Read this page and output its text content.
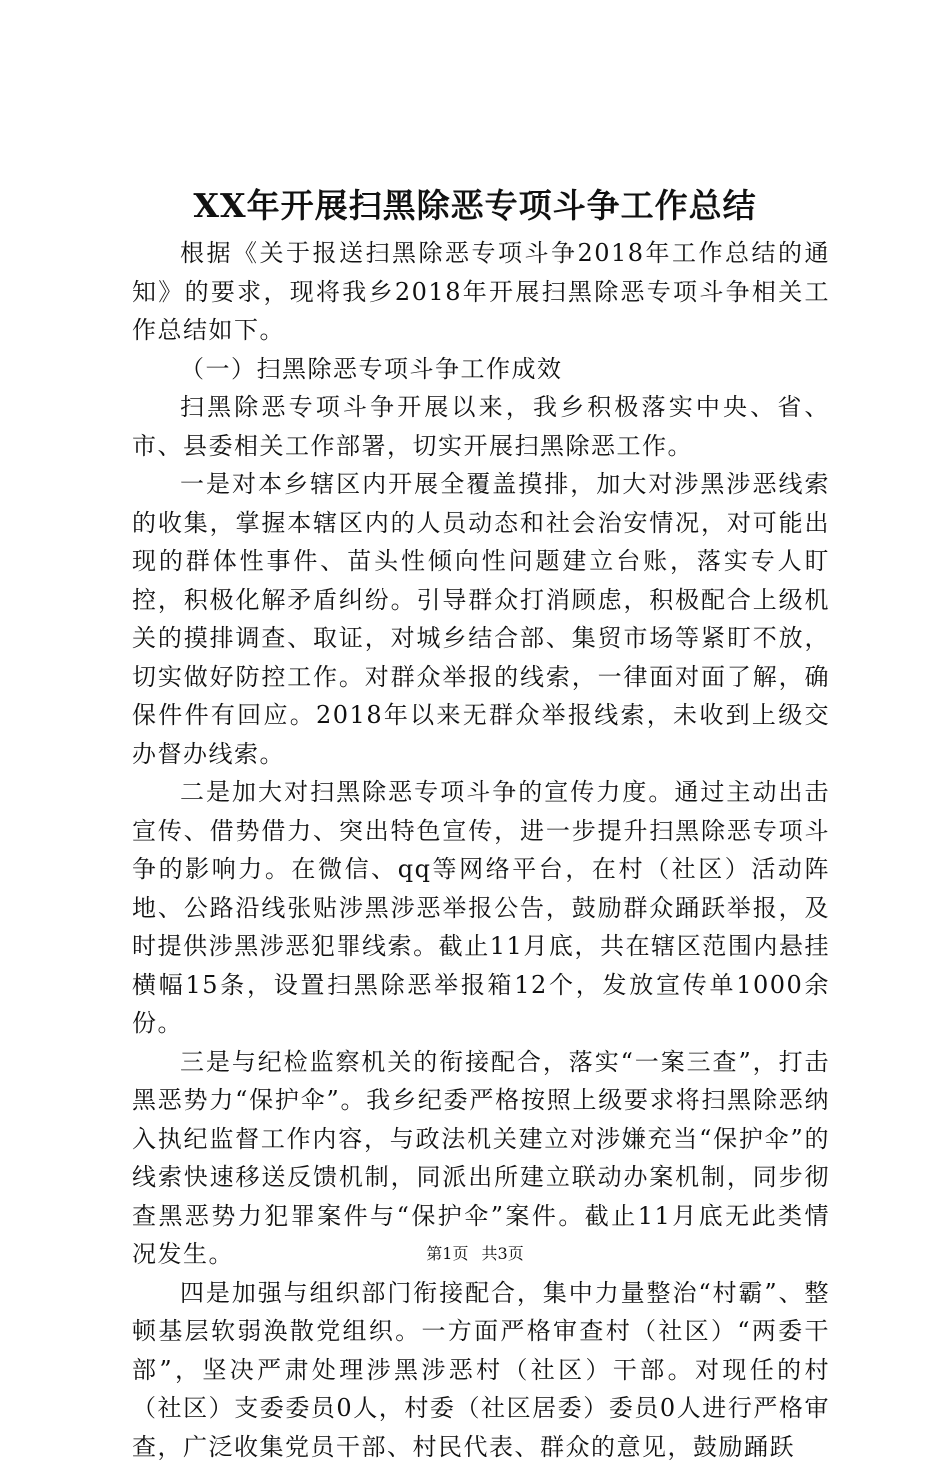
XX年开展扫黑除恶专项斗争工作总结

根据《关于报送扫黑除恶专项斗争2018年工作总结的通知》的要求，现将我乡2018年开展扫黑除恶专项斗争相关工作总结如下。

（一）扫黑除恶专项斗争工作成效

扫黑除恶专项斗争开展以来，我乡积极落实中央、省、市、县委相关工作部署，切实开展扫黑除恶工作。

一是对本乡辖区内开展全覆盖摸排，加大对涉黑涉恶线索的收集，掌握本辖区内的人员动态和社会治安情况，对可能出现的群体性事件、苗头性倾向性问题建立台账，落实专人盯控，积极化解矛盾纠纷。引导群众打消顾虑，积极配合上级机关的摸排调查、取证，对城乡结合部、集贸市场等紧盯不放，切实做好防控工作。对群众举报的线索，一律面对面了解，确保件件有回应。2018年以来无群众举报线索，未收到上级交办督办线索。

二是加大对扫黑除恶专项斗争的宣传力度。通过主动出击宣传、借势借力、突出特色宣传，进一步提升扫黑除恶专项斗争的影响力。在微信、qq等网络平台，在村（社区）活动阵地、公路沿线张贴涉黑涉恶举报公告，鼓励群众踊跃举报，及时提供涉黑涉恶犯罪线索。截止11月底，共在辖区范围内悬挂横幅15条，设置扫黑除恶举报箱12个，发放宣传单1000余份。

三是与纪检监察机关的衔接配合，落实“一案三查”，打击黑恶势力“保护伞”。我乡纪委严格按照上级要求将扫黑除恶纳入执纪监督工作内容，与政法机关建立对涉嫌充当“保护伞”的线索快速移送反馈机制，同派出所建立联动办案机制，同步彻查黑恶势力犯罪案件与“保护伞”案件。截止11月底无此类情况发生。

四是加强与组织部门衔接配合，集中力量整治“村霸”、整顿基层软弱涣散党组织。一方面严格审查村（社区）“两委干部”，坚决严肃处理涉黑涉恶村（社区）干部。对现任的村（社区）支委委员0人，村委（社区居委）委员0人进行严格审查，广泛收集党员干部、村民代表、群众的意见，鼓励踊跃

第1页 共3页
